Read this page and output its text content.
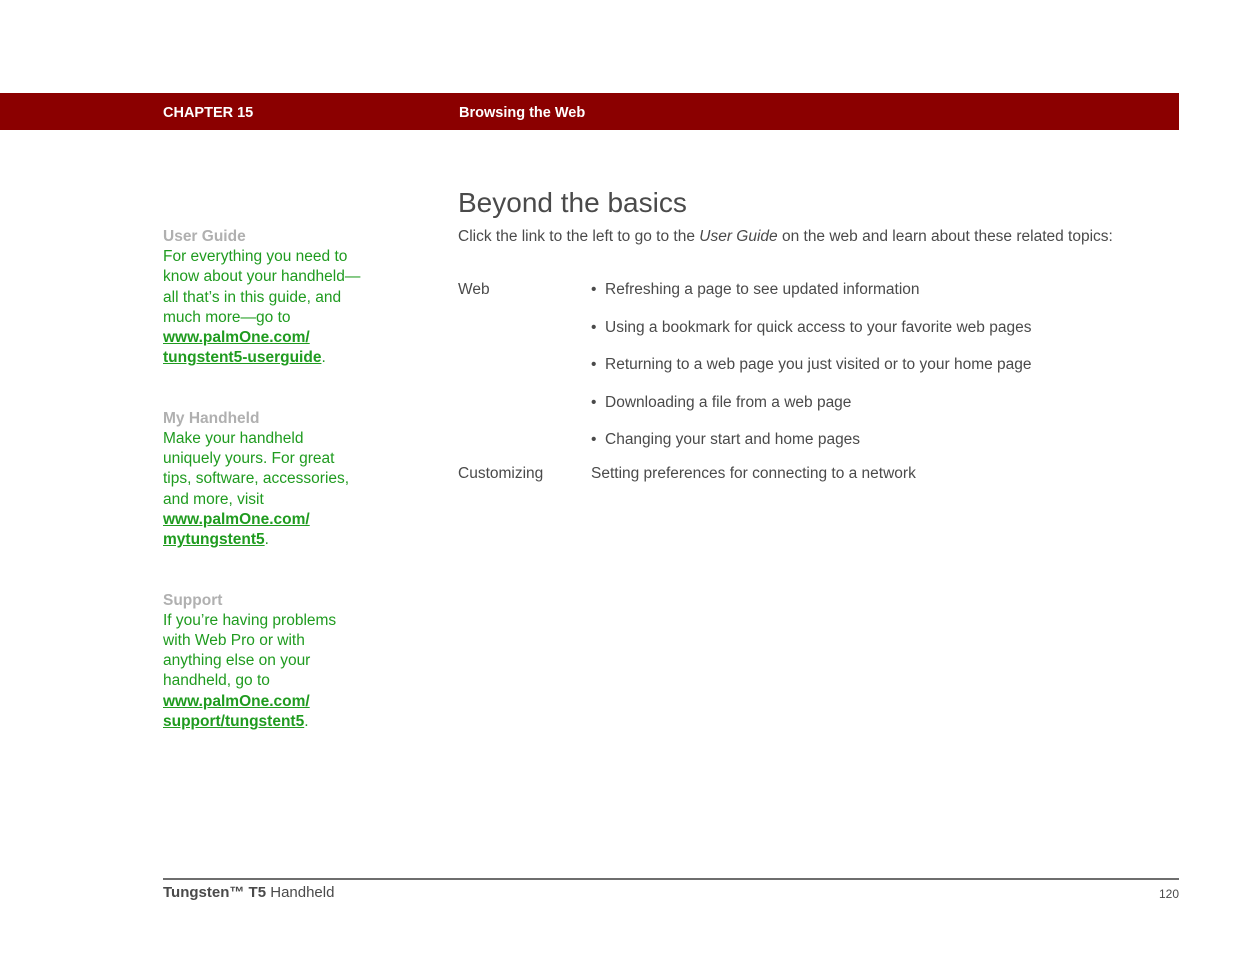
CHAPTER 15	Browsing the Web
User Guide
For everything you need to
know about your handheld—
all that’s in this guide, and
much more—go to
www.palmOne.com/
tungstent5-userguide.
My Handheld
Make your handheld
uniquely yours. For great
tips, software, accessories,
and more, visit
www.palmOne.com/
mytungstent5.
Support
If you’re having problems
with Web Pro or with
anything else on your
handheld, go to
www.palmOne.com/
support/tungstent5.
Beyond the basics
Click the link to the left to go to the User Guide on the web and learn about these related topics:
Web	• Refreshing a page to see updated information
• Using a bookmark for quick access to your favorite web pages
• Returning to a web page you just visited or to your home page
• Downloading a file from a web page
• Changing your start and home pages
Customizing	Setting preferences for connecting to a network
Tungsten™ T5 Handheld	120
